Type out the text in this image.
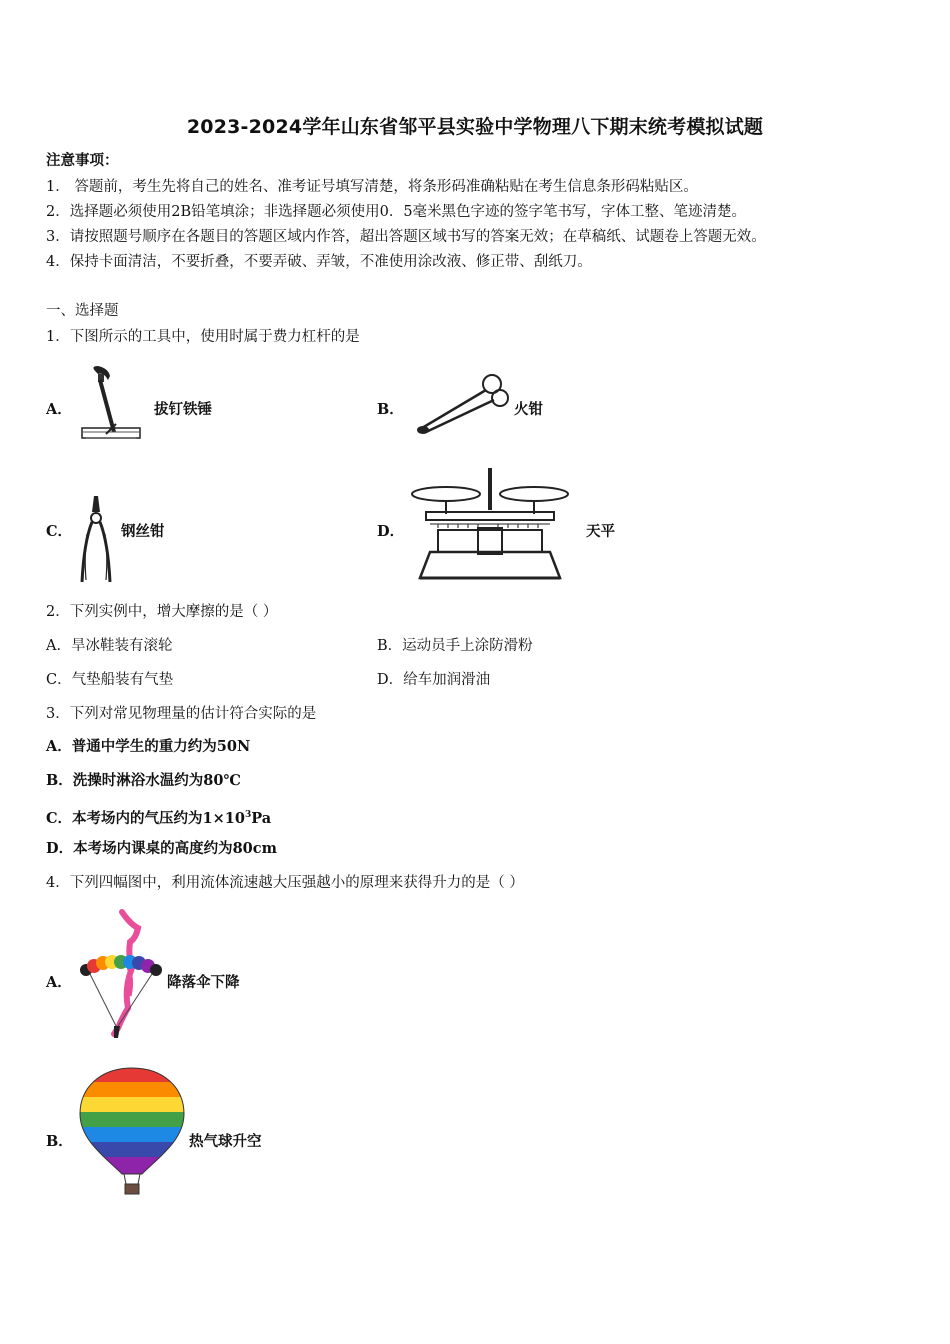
2023-2024学年山东省邹平县实验中学物理八下期末统考模拟试题
注意事项：
1． 答题前，考生先将自己的姓名、准考证号填写清楚，将条形码准确粘贴在考生信息条形码粘贴区。
2．选择题必须使用2B铅笔填涂；非选择题必须使用0．5毫米黑色字迹的签字笔书写，字体工整、笔迹清楚。
3．请按照题号顺序在各题目的答题区域内作答，超出答题区域书写的答案无效；在草稿纸、试题卷上答题无效。
4．保持卡面清洁，不要折叠，不要弄破、弄皱，不准使用涂改液、修正带、刮纸刀。
一、选择题
1．下图所示的工具中，使用时属于费力杠杆的是
A．	拔钉铁锤	B．	火钳
C．	钢丝钳	D．	天平
2．下列实例中，增大摩擦的是（ ）
A．旱冰鞋装有滚轮	B．运动员手上涂防滑粉
C．气垫船装有气垫	D．给车加润滑油
3．下列对常见物理量的估计符合实际的是
A．普通中学生的重力约为50N
B．洗操时淋浴水温约为80℃
C．本考场内的气压约为$1\times 10^3Pa$
D．本考场内课桌的高度约为80cm
4．下列四幅图中，利用流体流速越大压强越小的原理来获得升力的是（ ）
A．	降落伞下降
B．	热气球升空
